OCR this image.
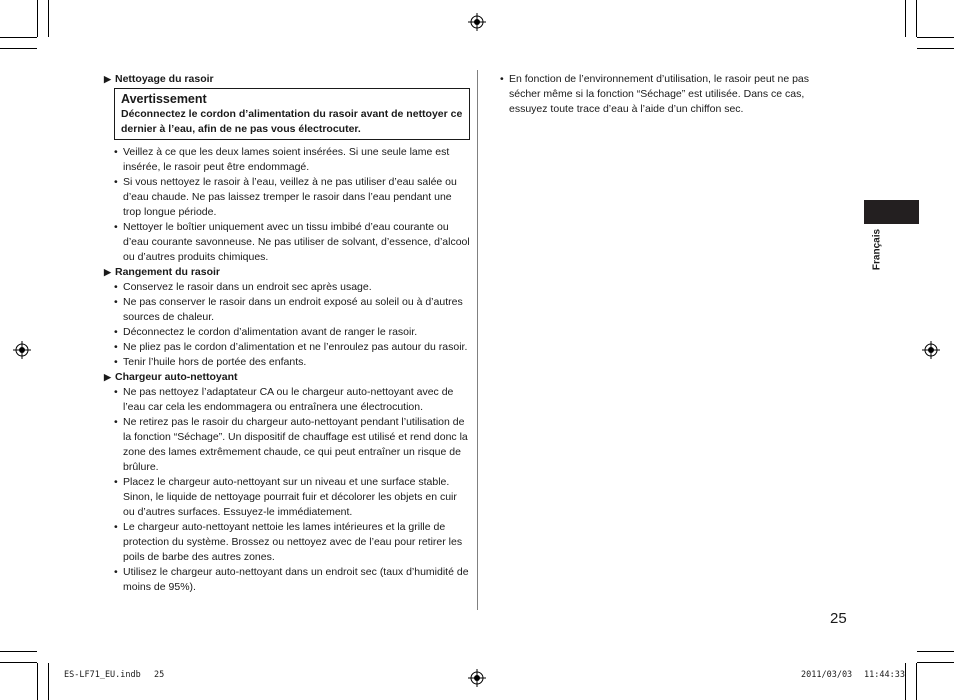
▶ Nettoyage du rasoir
Avertissement
Déconnectez le cordon d’alimentation du rasoir avant de nettoyer ce dernier à l’eau, afin de ne pas vous électrocuter.
• Veillez à ce que les deux lames soient insérées. Si une seule lame est insérée, le rasoir peut être endommagé.
• Si vous nettoyez le rasoir à l’eau, veillez à ne pas utiliser d’eau salée ou d’eau chaude. Ne pas laissez tremper le rasoir dans l’eau pendant une trop longue période.
• Nettoyer le boîtier uniquement avec un tissu imbibé d’eau courante ou d’eau courante savonneuse. Ne pas utiliser de solvant, d’essence, d’alcool ou d’autres produits chimiques.
▶ Rangement du rasoir
• Conservez le rasoir dans un endroit sec après usage.
• Ne pas conserver le rasoir dans un endroit exposé au soleil ou à d’autres sources de chaleur.
• Déconnectez le cordon d’alimentation avant de ranger le rasoir.
• Ne pliez pas le cordon d’alimentation et ne l’enroulez pas autour du rasoir.
• Tenir l’huile hors de portée des enfants.
▶ Chargeur auto-nettoyant
• Ne pas nettoyez l’adaptateur CA ou le chargeur auto-nettoyant avec de l’eau car cela les endommagera ou entraînera une électrocution.
• Ne retirez pas le rasoir du chargeur auto-nettoyant pendant l’utilisation de la fonction “Séchage”. Un dispositif de chauffage est utilisé et rend donc la zone des lames extrêmement chaude, ce qui peut entraîner un risque de brûlure.
• Placez le chargeur auto-nettoyant sur un niveau et une surface stable. Sinon, le liquide de nettoyage pourrait fuir et décolorer les objets en cuir ou d’autres surfaces. Essuyez-le immédiatement.
• Le chargeur auto-nettoyant nettoie les lames intérieures et la grille de protection du système. Brossez ou nettoyez avec de l’eau pour retirer les poils de barbe des autres zones.
• Utilisez le chargeur auto-nettoyant dans un endroit sec (taux d’humidité de moins de 95%).
• En fonction de l’environnement d’utilisation, le rasoir peut ne pas sécher même si la fonction “Séchage” est utilisée. Dans ce cas, essuyez toute trace d’eau à l’aide d’un chiffon sec.
Français
25
ES-LF71_EU.indb 25	2011/03/03 11:44:33
